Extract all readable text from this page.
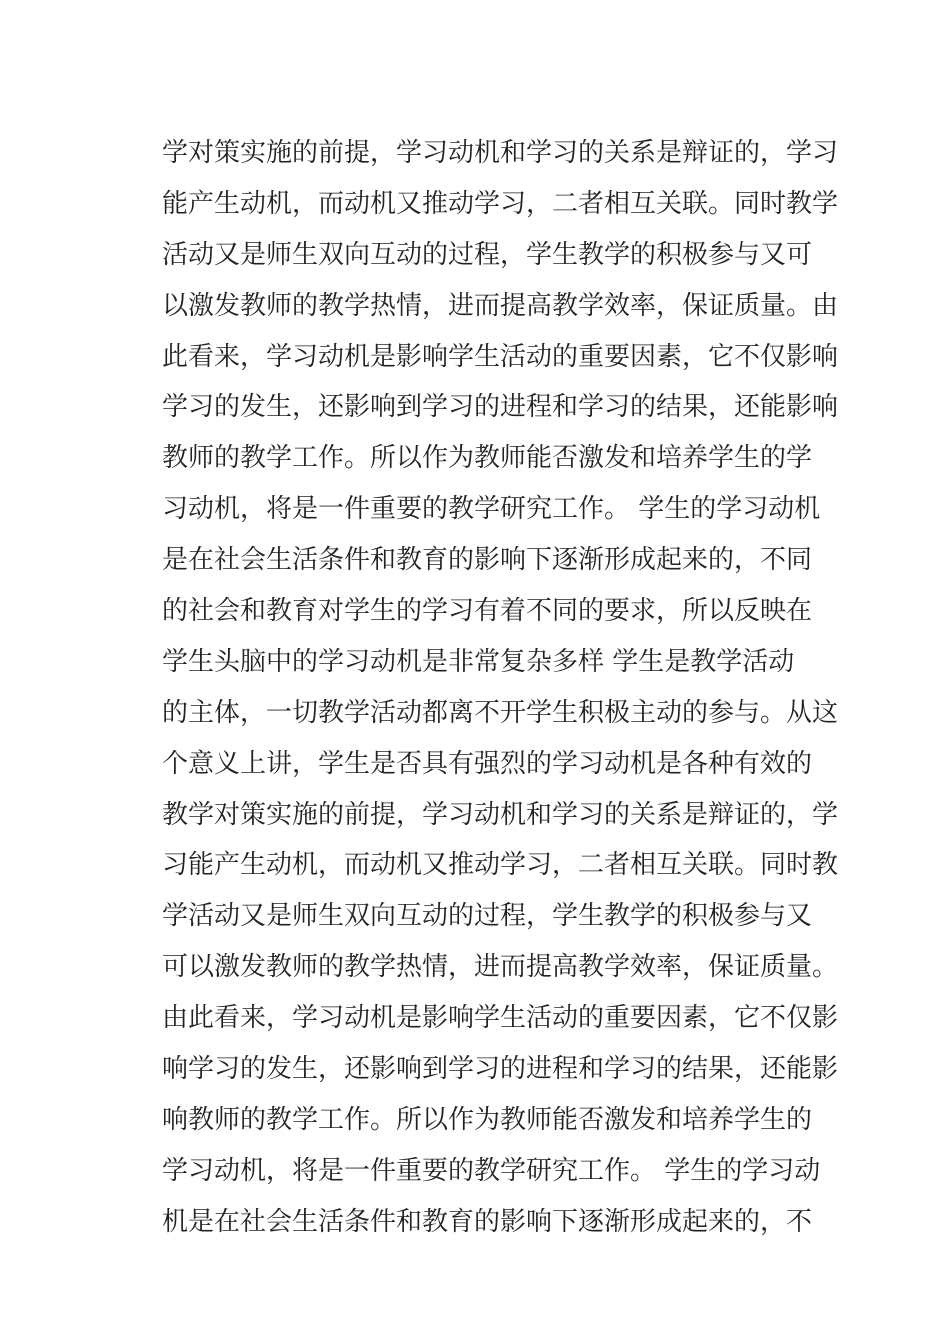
学对策实施的前提，学习动机和学习的关系是辩证的，学习
能产生动机，而动机又推动学习，二者相互关联。同时教学
活动又是师生双向互动的过程，学生教学的积极参与又可
以激发教师的教学热情，进而提高教学效率，保证质量。由
此看来，学习动机是影响学生活动的重要因素，它不仅影响
学习的发生，还影响到学习的进程和学习的结果，还能影响
教师的教学工作。所以作为教师能否激发和培养学生的学
习动机，将是一件重要的教学研究工作。 学生的学习动机
是在社会生活条件和教育的影响下逐渐形成起来的，不同
的社会和教育对学生的学习有着不同的要求，所以反映在
学生头脑中的学习动机是非常复杂多样 学生是教学活动
的主体，一切教学活动都离不开学生积极主动的参与。从这
个意义上讲，学生是否具有强烈的学习动机是各种有效的
教学对策实施的前提，学习动机和学习的关系是辩证的，学
习能产生动机，而动机又推动学习，二者相互关联。同时教
学活动又是师生双向互动的过程，学生教学的积极参与又
可以激发教师的教学热情，进而提高教学效率，保证质量。
由此看来，学习动机是影响学生活动的重要因素，它不仅影
响学习的发生，还影响到学习的进程和学习的结果，还能影
响教师的教学工作。所以作为教师能否激发和培养学生的
学习动机，将是一件重要的教学研究工作。 学生的学习动
机是在社会生活条件和教育的影响下逐渐形成起来的，不
